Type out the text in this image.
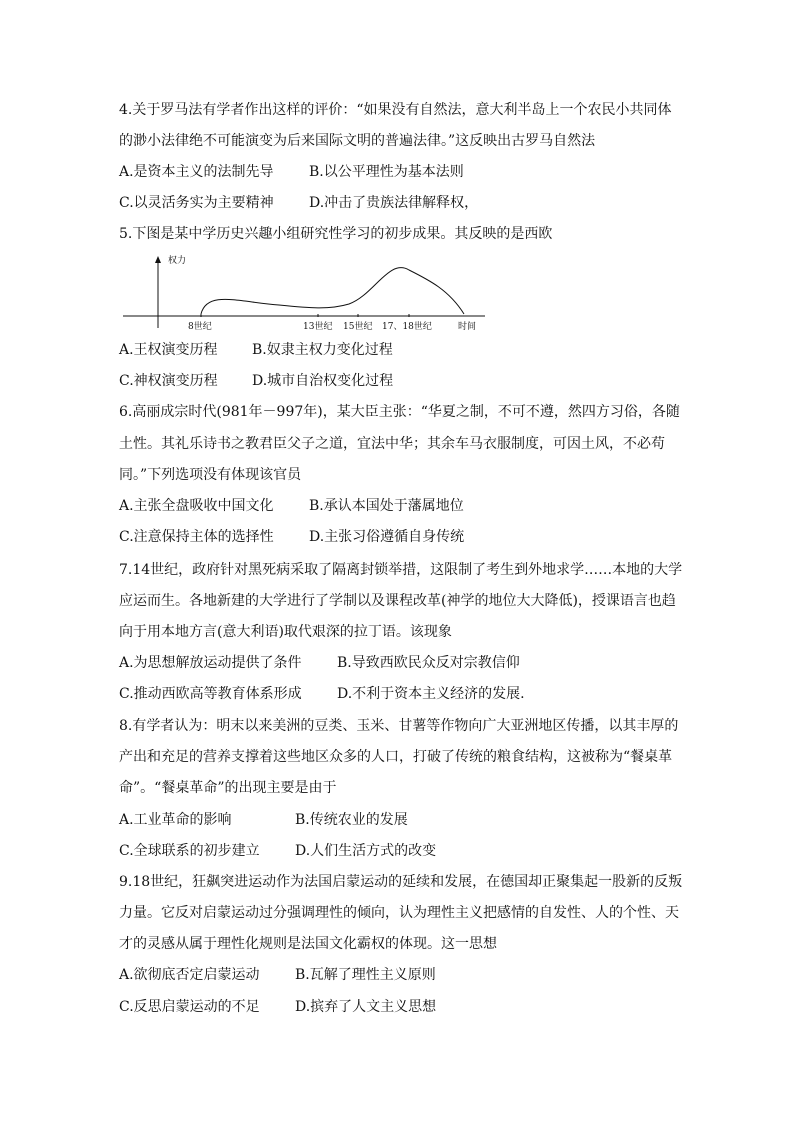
4.关于罗马法有学者作出这样的评价：“如果没有自然法，意大利半岛上一个农民小共同体
的渺小法律绝不可能演变为后来国际文明的普遍法律。”这反映出古罗马自然法
A.是资本主义的法制先导	B.以公平理性为基本法则
C.以灵活务实为主要精神	D.冲击了贵族法律解释权，
5.下图是某中学历史兴趣小组研究性学习的初步成果。其反映的是西欧
权力
8世纪	13世纪 15世纪 17、18世纪	时间
A.王权演变历程 B.奴隶主权力变化过程
C.神权演变历程 D.城市自治权变化过程
6.高丽成宗时代(981年－997年)，某大臣主张：“华夏之制，不可不遵，然四方习俗，各随
土性。其礼乐诗书之教君臣父子之道，宜法中华；其余车马衣服制度，可因土风，不必苟
同。”下列选项没有体现该官员
A.主张全盘吸收中国文化	B.承认本国处于藩属地位
C.注意保持主体的选择性	D.主张习俗遵循自身传统
7.14世纪，政府针对黑死病采取了隔离封锁举措，这限制了考生到外地求学……本地的大学
应运而生。各地新建的大学进行了学制以及课程改革(神学的地位大大降低)，授课语言也趋
向于用本地方言(意大利语)取代艰深的拉丁语。该现象
A.为思想解放运动提供了条件	B.导致西欧民众反对宗教信仰
C.推动西欧高等教育体系形成	D.不利于资本主义经济的发展.
8.有学者认为：明末以来美洲的豆类、玉米、甘薯等作物向广大亚洲地区传播，以其丰厚的
产出和充足的营养支撑着这些地区众多的人口，打破了传统的粮食结构，这被称为“餐桌革
命”。“餐桌革命”的出现主要是由于
A.工业革命的影响	B.传统农业的发展
C.全球联系的初步建立	D.人们生活方式的改变
9.18世纪，狂飙突进运动作为法国启蒙运动的延续和发展，在德国却正聚集起一股新的反叛
力量。它反对启蒙运动过分强调理性的倾向，认为理性主义把感情的自发性、人的个性、天
才的灵感从属于理性化规则是法国文化霸权的体现。这一思想
A.欲彻底否定启蒙运动	B.瓦解了理性主义原则
C.反思启蒙运动的不足	D.摈弃了人文主义思想
